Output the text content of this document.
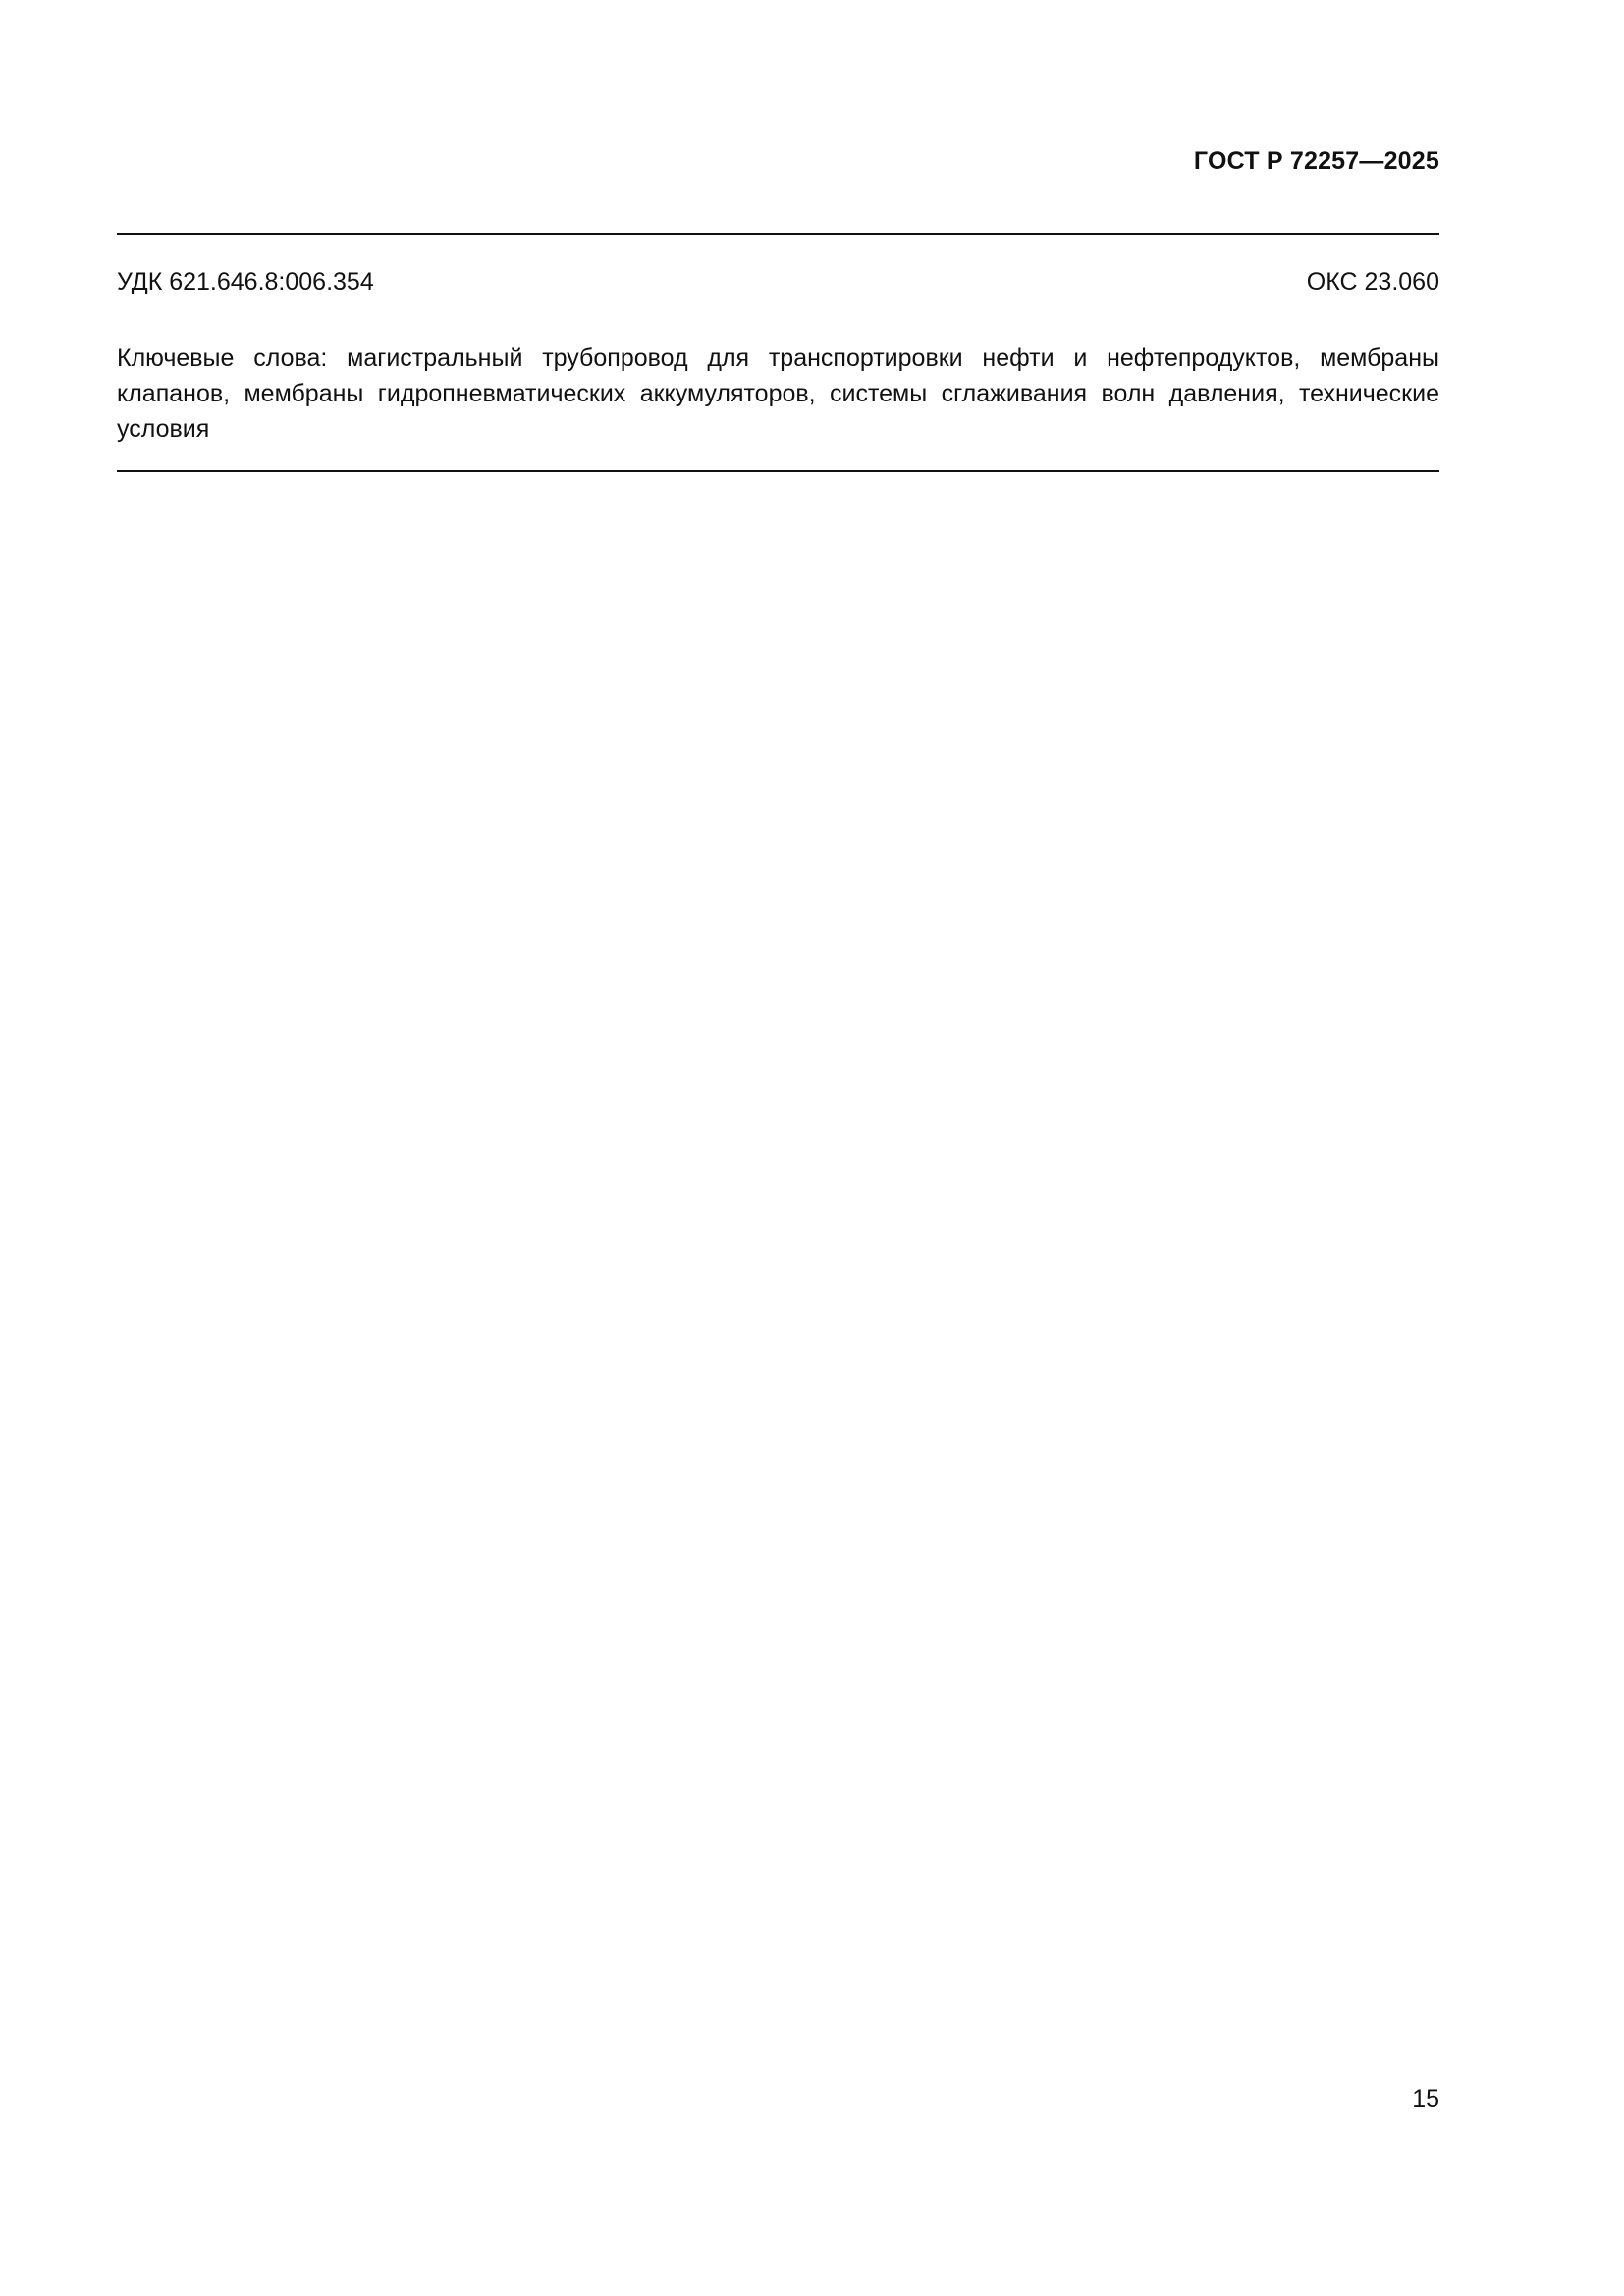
ГОСТ Р 72257—2025
УДК 621.646.8:006.354	ОКС 23.060

Ключевые слова: магистральный трубопровод для транспортировки нефти и нефтепродуктов, мембраны клапанов, мембраны гидропневматических аккумуляторов, системы сглаживания волн давления, технические условия

15
